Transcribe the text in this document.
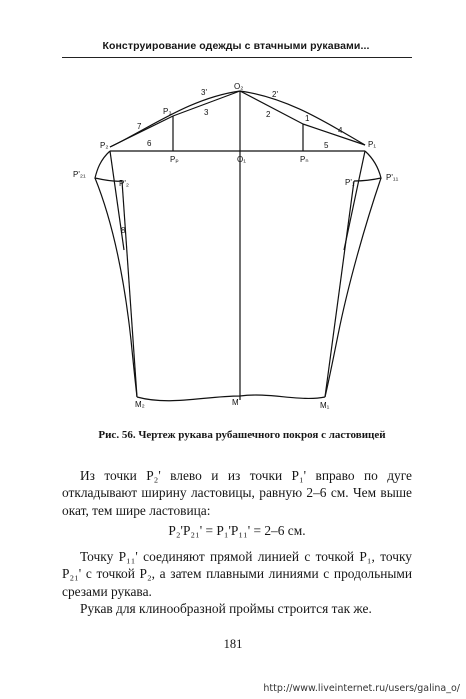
Конструирование одежды с втачными рукавами...
O₂
3'
3
2'
2
P₃
1
7	4
6	5
P₂	P₁
Pₚ	O₁	Pₙ
P'₂₁
P'₂	P'₁
P'₁₁
8
M₂	M	M₁
Рис. 56. Чертеж рукава рубашечного покроя с ластовицей
Из точки P₂' влево и из точки P₁' вправо по дуге откладывают ширину ластовицы, равную 2–6 см. Чем выше окат, тем шире ластовица:
P₂'P₂₁' = P₁'P₁₁' = 2–6 см.
Точку P₁₁' соединяют прямой линией с точкой P₁, точку P₂₁' с точкой P₂, а затем плавными линиями с продольными срезами рукава.
Рукав для клинообразной проймы строится так же.
181
http://www.liveinternet.ru/users/galina_o/
